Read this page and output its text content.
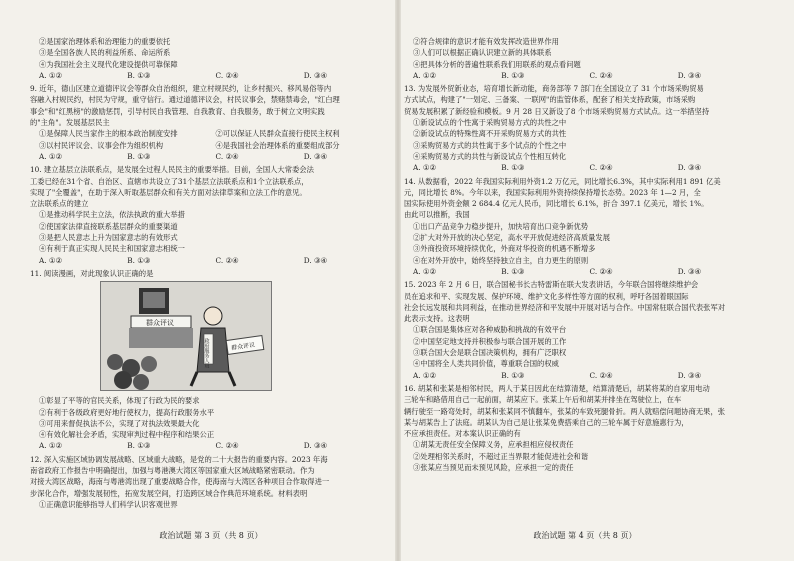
②是国家治理体系和治理能力的重要依托
③是全国各族人民的利益所系、命运所系
④为我国社会主义现代化建设提供可靠保障
A. ①②	B. ①③	C. ②④	D. ③④
9. 近年，德山区建立道德评议会等群众自治组织，建立村规民约，让乡村振兴、移风易俗等内
容融入村规民约，村民为守规，重守信行。通过道德评议会，村民议事会，禁赌禁毒会，"红白理
事会"和"红黑榜"的激励惩罚，引导村民自我管理、自我教育、自我服务，敢于树立文明实践
的"主角"。发展基层民主
①是保障人民当家作主的根本政治制度安排	②可以保证人民群众直接行使民主权利
③以村民评议会、议事会作为组织机构	④是我国社会治理体系的重要组成部分
A. ①②	B. ①③	C. ②④	D. ③④
10. 建立基层立法联系点，是发展全过程人民民主的重要举措。目前，全国人大常委会法
工委已经在31个省、自治区、直辖市共设立了31个基层立法联系点和1个立法联系点，
实现了"全覆盖"，在助于深入听取基层群众和有关方面对法律草案和立法工作的意见。
立法联系点的建立
①是推动科学民主立法，依法执政的重大举措
②使国家法律直接联系基层群众的重要渠道
③是把人民意志上升为国家意志的有效形式
④有利于真正实现人民民主和国家意志相统一
A. ①②	B. ①③	C. ②④	D. ③④
11. 阅读漫画，对此现象认识正确的是
群众评议
政府服务人员	群众评议
①彰显了平等的官民关系，体现了行政为民的要求
②有利于各级政府更好地行使权力，提高行政服务水平
③可用来督促执法不公，实现了对执法效果最大化
④有效化解社会矛盾，实现审判过程中程序和结果公正
A. ①②	B. ①③	C. ②④	D. ③④
12. 深入实施区域协调发展战略、区域重大战略，是党的二十大报告的重要内容。2023 年海
南省政府工作报告中明确提出，加强与粤港澳大湾区等国家重大区域战略紧密联动。作为
对接大湾区战略，海南与粤港湾出现了重要战略合作，使海南与大湾区各种项目合作取得进一
步深化合作，增强发展韧性，拓宽发展空间，打造跨区域合作典范环境系统。材料表明
①正确意识能够指导人们科学认识客观世界
政治试题 第 3 页（共 8 页）
②符合规律的意识才能有效发挥改造世界作用
③人们可以根据正确认识建立新的具体联系
④把具体分析的普遍性联系我们用联系的观点看问题
A. ①②	B. ①③	C. ②④	D. ③④
13. 为发展外贸新业态，培育增长新动能，商务部等 7 部门在全国设立了 31 个市场采购贸易
方式试点，构建了"一划定、三备案、一联网"的监管体系，配套了相关支持政策，市场采购
贸易发展积累了新经验和模板。9 月 28 日又新设了8 个市场采购贸易方式试点。这一举措坚持
①新设试点的个性寓于采购贸易方式的共性之中
②新设试点的特殊性离不开采购贸易方式的共性
③采购贸易方式的共性寓于多个试点的个性之中
④采购贸易方式的共性与新设试点个性相互转化
A. ①②	B. ①③	C. ②④	D. ③④
14. 从数据看，2022 年我国实际利用外资1.2 万亿元，同比增长6.3%，其中实际利用1 891 亿美
元，同比增长 8%。今年以来，我国实际利用外资持续保持增长态势。2023 年 1—2 月，全
国实际使用外资金额 2 684.4 亿元人民币，同比增长 6.1%，折合 397.1 亿美元，增长 1%。
由此可以推断，我国
①出口产品竞争力稳步提升，加快培育出口竞争新优势
②扩大对外开放的决心坚定，高水平开放促进经济高质量发展
③外商投资环境持续优化，外商对华投资的机遇不断增多
④在对外开放中，始终坚持独立自主，自力更生的原则
A. ①②	B. ①③	C. ②④	D. ③④
15. 2023 年 2 月 6 日，联合国秘书长古特雷斯在联大发表讲话，今年联合国将继续维护会
员在追求和平、实现发展、保护环境、维护文化多样性等方面的权利，呼吁各国着眼国际
社会长远发展和共同利益，在推动世界经济和平发展中开展对话与合作。中国常驻联合国代表张军对
此表示支持。这表明
①联合国是集体应对各种威胁和挑战的有效平台
②中国坚定地支持并积极参与联合国开展的工作
③联合国大会是联合国决策机构，拥有广泛职权
④中国将全人类共同价值，尊重联合国的权威
A. ①②	B. ①③	C. ②④	D. ③④
16. 胡某和张某是相邻村民，两人于某日因此在结算清楚，结算清楚后，胡某将某的自家用电动
三轮车和路借用自己一起前面，胡某应下。张某上午后和胡某并排坐在驾驶位上，在车
辆行驶至一路弯处时，胡某和张某同不慎翻车，张某的车致死腿骨折。两人就赔偿问题协商无果，张
某与胡某告上了法庭。胡某认为自己是让张某免费搭乘自己的三轮车属于好意施惠行为，
不应承担责任。对本案认识正确的有
①胡某无责任安全保障义务，应承担相应侵权责任
②处理相邻关系时，不超过正当界限才能促进社会和谐
③张某应当预见而未预见风险，应承担一定的责任
政治试题 第 4 页（共 8 页）
